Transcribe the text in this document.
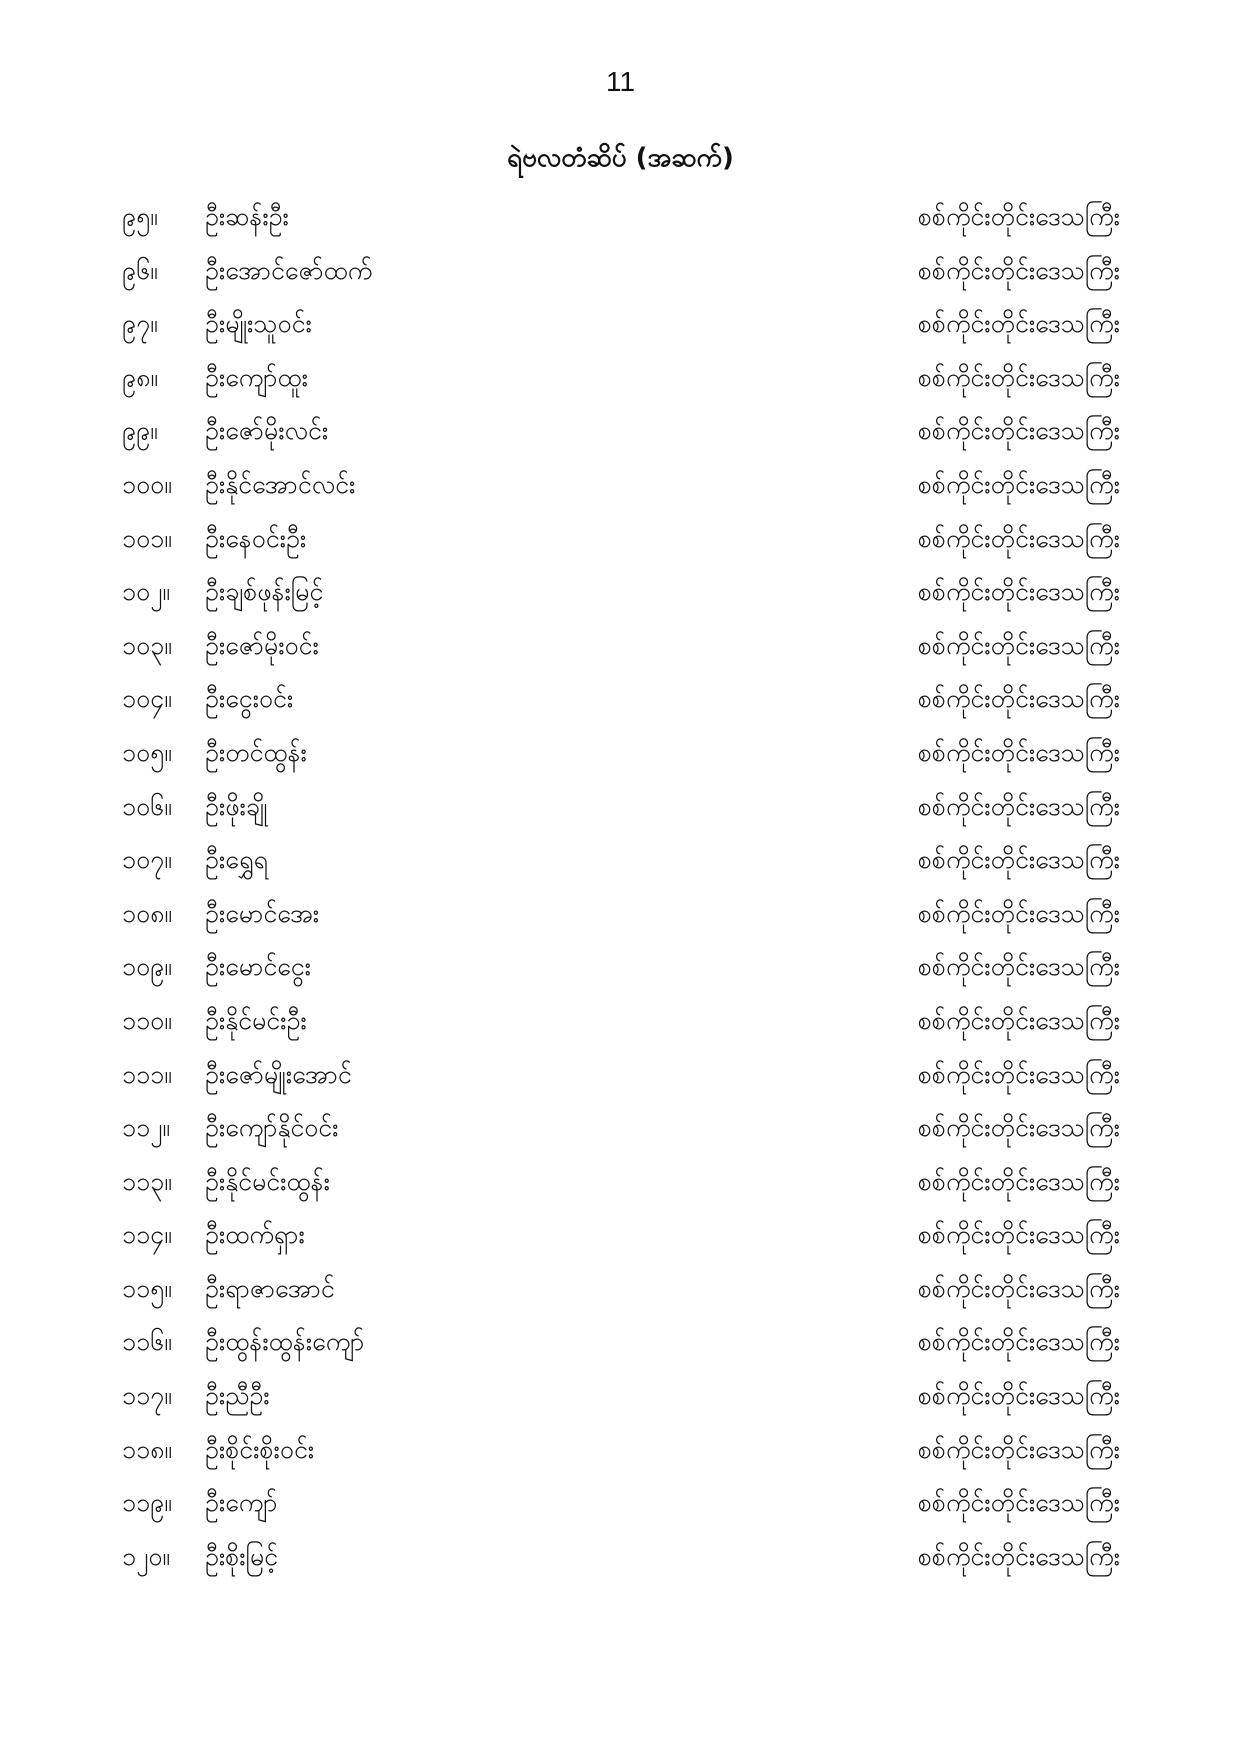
11
ရဲဗလတံဆိပ် (အဆက်)
၉၅။	ဦးဆန်းဦး	စစ်ကိုင်းတိုင်းဒေသကြီး
၉၆။	ဦးအောင်ဇော်ထက်	စစ်ကိုင်းတိုင်းဒေသကြီး
၉၇။	ဦးမျိုးသူဝင်း	စစ်ကိုင်းတိုင်းဒေသကြီး
၉၈။	ဦးကျော်ထူး	စစ်ကိုင်းတိုင်းဒေသကြီး
၉၉။	ဦးဇော်မိုးလင်း	စစ်ကိုင်းတိုင်းဒေသကြီး
၁၀၀။	ဦးနိုင်အောင်လင်း	စစ်ကိုင်းတိုင်းဒေသကြီး
၁၀၁။	ဦးနေဝင်းဦး	စစ်ကိုင်းတိုင်းဒေသကြီး
၁၀၂။	ဦးချစ်ဖုန်းမြင့်	စစ်ကိုင်းတိုင်းဒေသကြီး
၁၀၃။	ဦးဇော်မိုးဝင်း	စစ်ကိုင်းတိုင်းဒေသကြီး
၁၀၄။	ဦးငွေးဝင်း	စစ်ကိုင်းတိုင်းဒေသကြီး
၁၀၅။	ဦးတင်ထွန်း	စစ်ကိုင်းတိုင်းဒေသကြီး
၁၀၆။	ဦးဖိုးချို	စစ်ကိုင်းတိုင်းဒေသကြီး
၁၀၇။	ဦးရွှေရ	စစ်ကိုင်းတိုင်းဒေသကြီး
၁၀၈။	ဦးမောင်အေး	စစ်ကိုင်းတိုင်းဒေသကြီး
၁၀၉။	ဦးမောင်ငွေး	စစ်ကိုင်းတိုင်းဒေသကြီး
၁၁၀။	ဦးနိုင်မင်းဦး	စစ်ကိုင်းတိုင်းဒေသကြီး
၁၁၁။	ဦးဇော်မျိုးအောင်	စစ်ကိုင်းတိုင်းဒေသကြီး
၁၁၂။	ဦးကျော်နိုင်ဝင်း	စစ်ကိုင်းတိုင်းဒေသကြီး
၁၁၃။	ဦးနိုင်မင်းထွန်း	စစ်ကိုင်းတိုင်းဒေသကြီး
၁၁၄။	ဦးထက်ရှား	စစ်ကိုင်းတိုင်းဒေသကြီး
၁၁၅။	ဦးရာဇာအောင်	စစ်ကိုင်းတိုင်းဒေသကြီး
၁၁၆။	ဦးထွန်းထွန်းကျော်	စစ်ကိုင်းတိုင်းဒေသကြီး
၁၁၇။	ဦးညီဦး	စစ်ကိုင်းတိုင်းဒေသကြီး
၁၁၈။	ဦးစိုင်းစိုးဝင်း	စစ်ကိုင်းတိုင်းဒေသကြီး
၁၁၉။	ဦးကျော်	စစ်ကိုင်းတိုင်းဒေသကြီး
၁၂၀။	ဦးစိုးမြင့်	စစ်ကိုင်းတိုင်းဒေသကြီး
